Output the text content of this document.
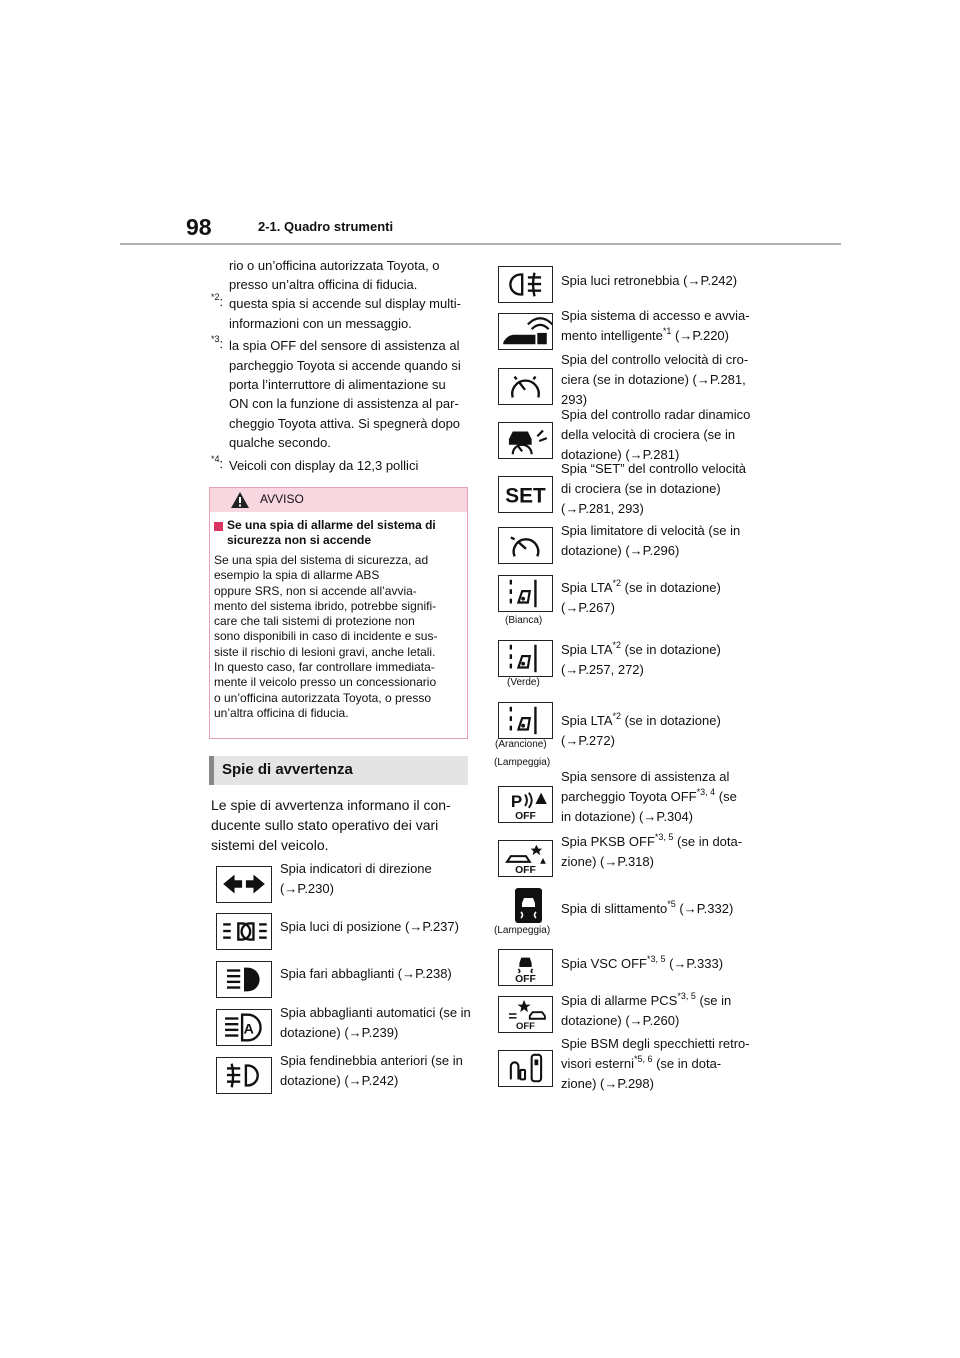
98	2-1. Quadro strumenti
rio o un’officina autorizzata Toyota, o
presso un’altra officina di fiducia.
$^{*2}$: questa spia si accende sul display multi-
informazioni con un messaggio.
$^{*3}$: la spia OFF del sensore di assistenza al
parcheggio Toyota si accende quando si
porta l’interruttore di alimentazione su
ON con la funzione di assistenza al par-
cheggio Toyota attiva. Si spegnerà dopo
qualche secondo.
$^{*4}$: Veicoli con display da 12,3 pollici
AVVISO
Se una spia di allarme del sistema di
sicurezza non si accende
Se una spia del sistema di sicurezza, ad
esempio la spia di allarme ABS
oppure SRS, non si accende all’avvia-
mento del sistema ibrido, potrebbe signifi-
care che tali sistemi di protezione non
sono disponibili in caso di incidente e sus-
siste il rischio di lesioni gravi, anche letali.
In questo caso, far controllare immediata-
mente il veicolo presso un concessionario
o un’officina autorizzata Toyota, o presso
un’altra officina di fiducia.
Spie di avvertenza
Le spie di avvertenza informano il con-
ducente sullo stato operativo dei vari
sistemi del veicolo.
Spia indicatori di direzione
(→P.230)
Spia luci di posizione (→P.237)
Spia fari abbaglianti (→P.238)
A
Spia abbaglianti automatici (se in
dotazione) (→P.239)
Spia fendinebbia anteriori (se in
dotazione) (→P.242)
Spia luci retronebbia (→P.242)
Spia sistema di accesso e avvia-
mento intelligente$^{*1}$ (→P.220)
Spia del controllo velocità di cro-
ciera (se in dotazione) (→P.281,
293)
Spia del controllo radar dinamico
della velocità di crociera (se in
dotazione) (→P.281)
SET
Spia “SET” del controllo velocità
di crociera (se in dotazione)
(→P.281, 293)
Spia limitatore di velocità (se in
dotazione) (→P.296)
(Bianca)
Spia LTA$^{*2}$ (se in dotazione)
(→P.267)
(Verde)
Spia LTA$^{*2}$ (se in dotazione)
(→P.257, 272)
(Arancione)
(Lampeggia)
Spia LTA$^{*2}$ (se in dotazione)
(→P.272)
P
OFF
Spia sensore di assistenza al
parcheggio Toyota OFF$^{*3, 4}$ (se
in dotazione) (→P.304)
OFF
Spia PKSB OFF$^{*3, 5}$ (se in dota-
zione) (→P.318)
(Lampeggia)
Spia di slittamento$^{*5}$ (→P.332)
OFF
Spia VSC OFF$^{*3, 5}$ (→P.333)
OFF
Spia di allarme PCS$^{*3, 5}$ (se in
dotazione) (→P.260)
Spie BSM degli specchietti retro-
visori esterni$^{*5, 6}$ (se in dota-
zione) (→P.298)
